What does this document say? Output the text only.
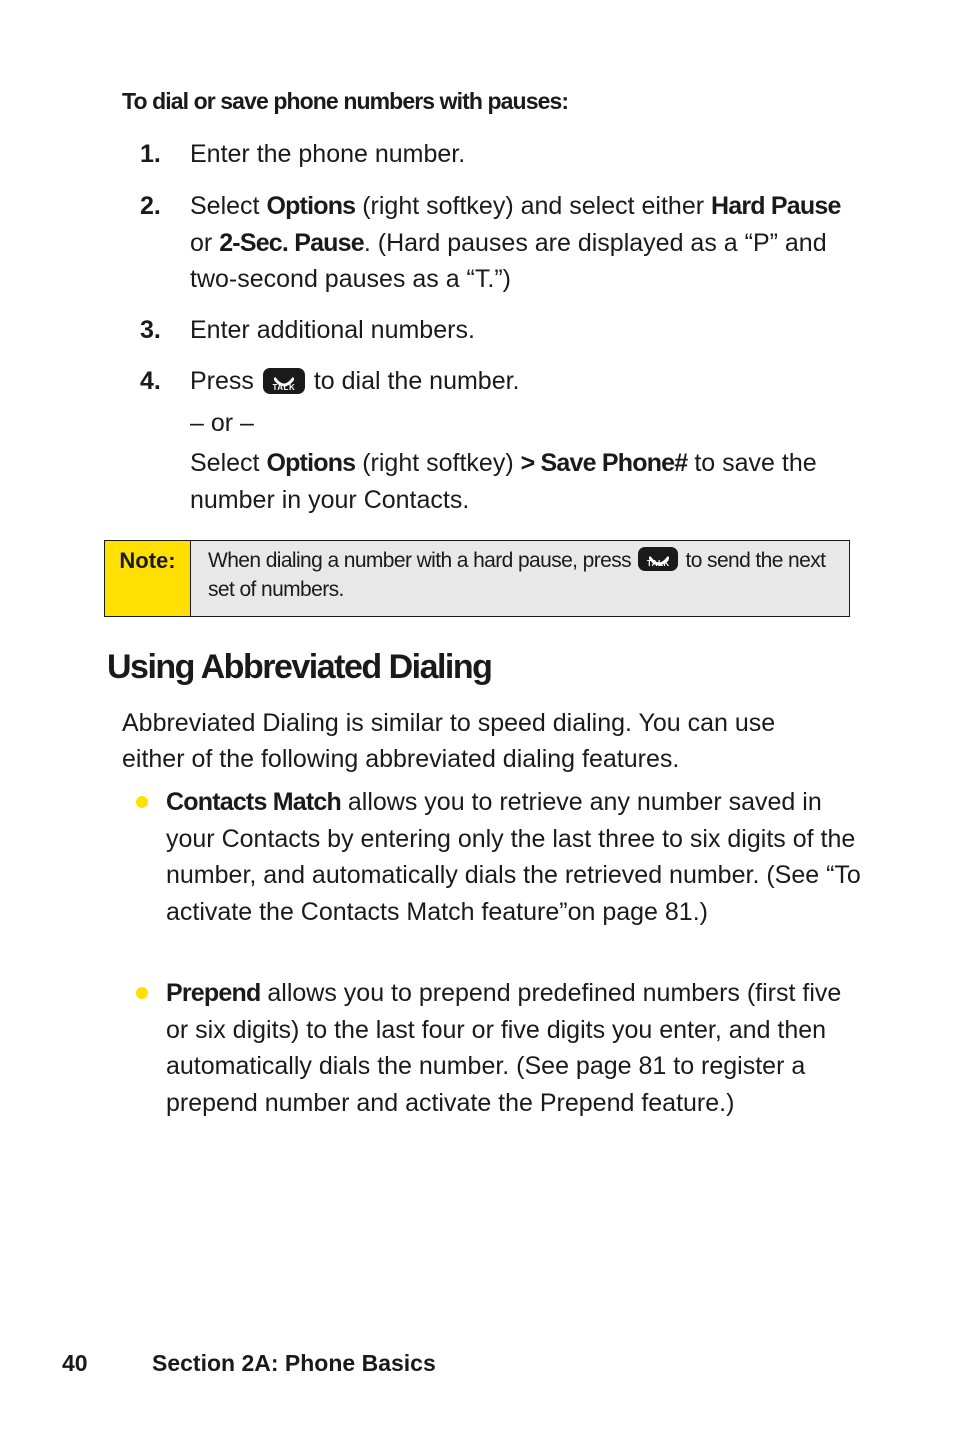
To dial or save phone numbers with pauses:
1. Enter the phone number.
2. Select Options (right softkey) and select either Hard Pause or 2-Sec. Pause. (Hard pauses are displayed as a “P” and two-second pauses as a “T.”)
3. Enter additional numbers.
4. Press	TALK to dial the number.
– or –
Select Options (right softkey) > Save Phone# to save the number in your Contacts.
Note:	When dialing a number with a hard pause, press	TALK to send the next set of numbers.
Using Abbreviated Dialing
Abbreviated Dialing is similar to speed dialing. You can use either of the following abbreviated dialing features.
Contacts Match allows you to retrieve any number saved in your Contacts by entering only the last three to six digits of the number, and automatically dials the retrieved number. (See “To activate the Contacts Match feature”on page 81.)
Prepend allows you to prepend predefined numbers (first five or six digits) to the last four or five digits you enter, and then automatically dials the number. (See page 81 to register a prepend number and activate the Prepend feature.)
40	Section 2A: Phone Basics
